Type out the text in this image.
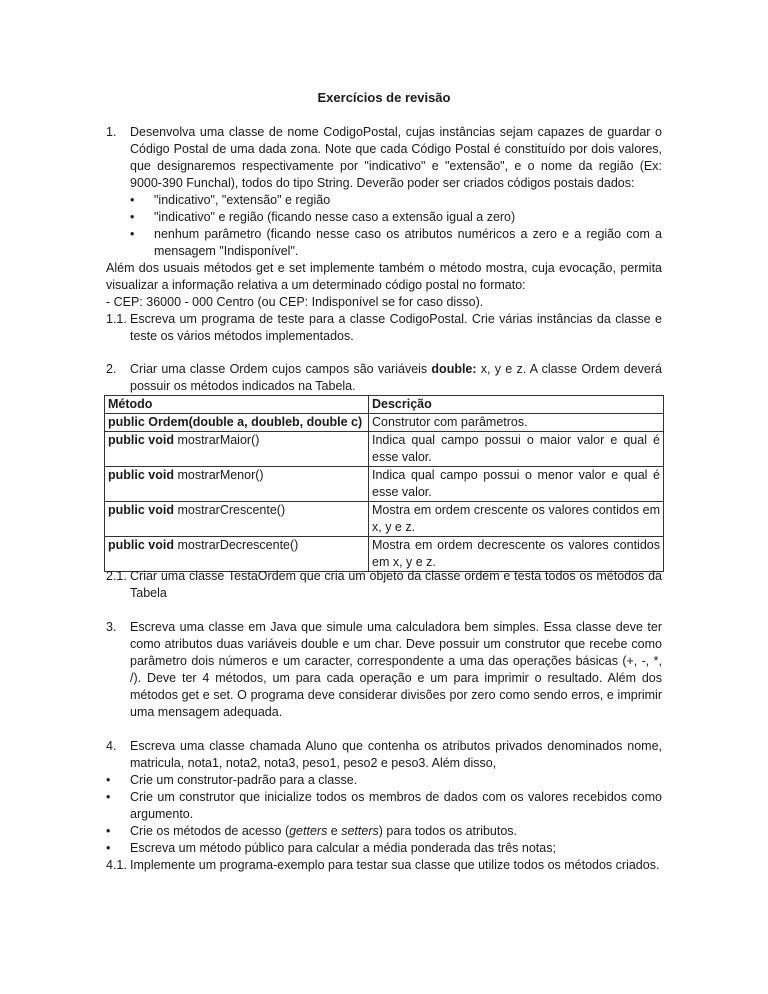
Exercícios de revisão
1. Desenvolva uma classe de nome CodigoPostal, cujas instâncias sejam capazes de guardar o Código Postal de uma dada zona. Note que cada Código Postal é constituído por dois valores, que designaremos respectivamente por "indicativo" e "extensão", e o nome da região (Ex: 9000-390 Funchal), todos do tipo String. Deverão poder ser criados códigos postais dados:
• "indicativo", "extensão" e região
• "indicativo" e região (ficando nesse caso a extensão igual a zero)
• nenhum parâmetro (ficando nesse caso os atributos numéricos a zero e a região com a mensagem "Indisponível".
Além dos usuais métodos get e set implemente também o método mostra, cuja evocação, permita visualizar a informação relativa a um determinado código postal no formato:
- CEP: 36000 - 000 Centro (ou CEP: Indisponível se for caso disso).
1.1. Escreva um programa de teste para a classe CodigoPostal. Crie várias instâncias da classe e teste os vários métodos implementados.
2. Criar uma classe Ordem cujos campos são variáveis double: x, y e z. A classe Ordem deverá possuir os métodos indicados na Tabela.
Método	Descrição
public Ordem(double a, doubleb, double c)	Construtor com parâmetros.
public void mostrarMaior()	Indica qual campo possui o maior valor e qual é esse valor.
public void mostrarMenor()	Indica qual campo possui o menor valor e qual é esse valor.
public void mostrarCrescente()	Mostra em ordem crescente os valores contidos em x, y e z.
public void mostrarDecrescente()	Mostra em ordem decrescente os valores contidos em x, y e z.
2.1. Criar uma classe TestaOrdem que cria um objeto da classe ordem e testa todos os métodos da Tabela
3. Escreva uma classe em Java que simule uma calculadora bem simples. Essa classe deve ter como atributos duas variáveis double e um char. Deve possuir um construtor que recebe como parâmetro dois números e um caracter, correspondente a uma das operações básicas (+, -, *, /). Deve ter 4 métodos, um para cada operação e um para imprimir o resultado. Além dos métodos get e set. O programa deve considerar divisões por zero como sendo erros, e imprimir uma mensagem adequada.
4. Escreva uma classe chamada Aluno que contenha os atributos privados denominados nome, matricula, nota1, nota2, nota3, peso1, peso2 e peso3. Além disso,
• Crie um construtor-padrão para a classe.
• Crie um construtor que inicialize todos os membros de dados com os valores recebidos como argumento.
• Crie os métodos de acesso (getters e setters) para todos os atributos.
• Escreva um método público para calcular a média ponderada das três notas;
4.1. Implemente um programa-exemplo para testar sua classe que utilize todos os métodos criados.
